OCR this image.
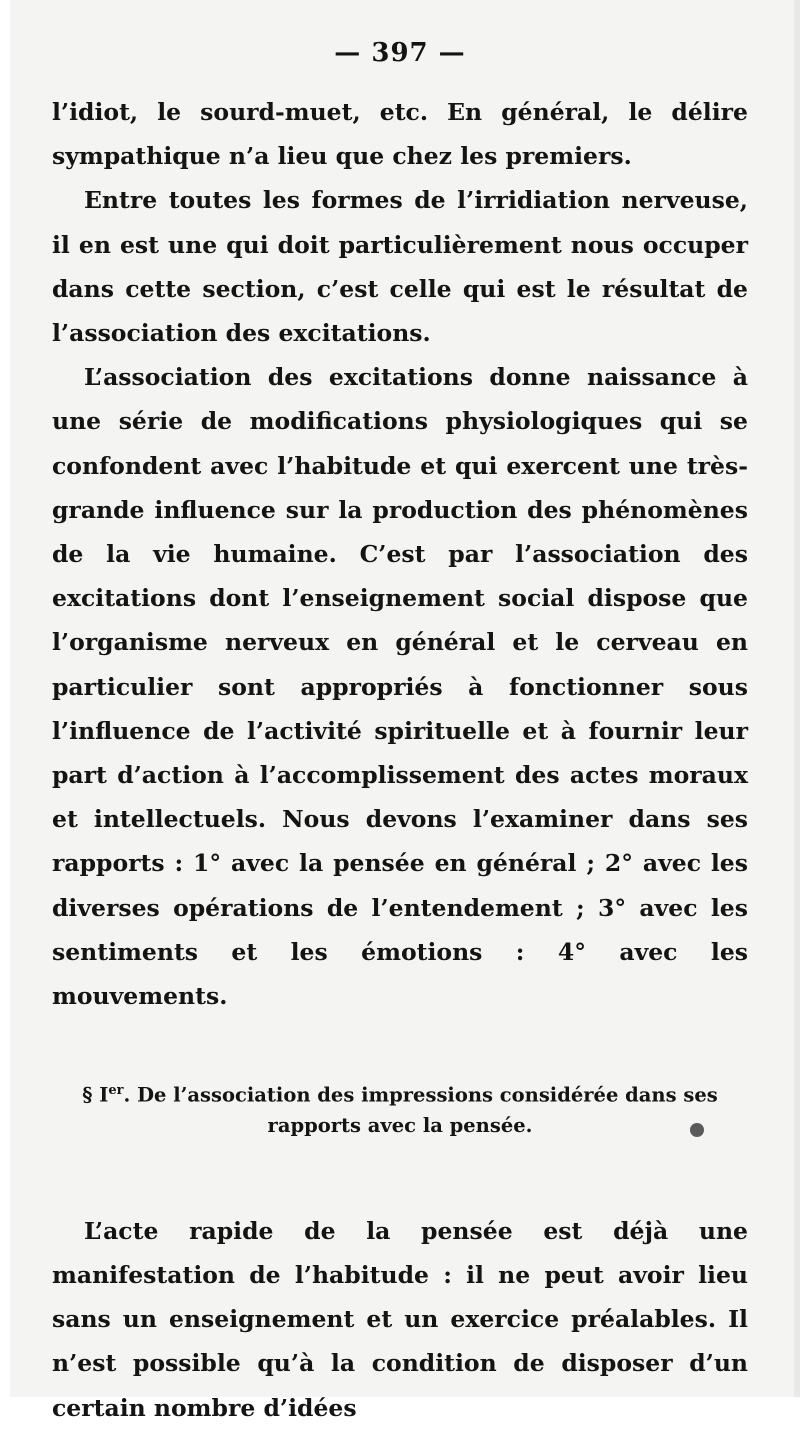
— 397 —

l’idiot, le sourd-muet, etc. En général, le délire sympathique n’a lieu que chez les premiers.

Entre toutes les formes de l’irridiation nerveuse, il en est une qui doit particulièrement nous occuper dans cette section, c’est celle qui est le résultat de l’association des excitations.

L’association des excitations donne naissance à une série de modifications physiologiques qui se confondent avec l’habitude et qui exercent une très-grande influence sur la production des phénomènes de la vie humaine. C’est par l’association des excitations dont l’enseignement social dispose que l’organisme nerveux en général et le cerveau en particulier sont appropriés à fonctionner sous l’influence de l’activité spirituelle et à fournir leur part d’action à l’accomplissement des actes moraux et intellectuels. Nous devons l’examiner dans ses rapports : 1° avec la pensée en général ; 2° avec les diverses opérations de l’entendement ; 3° avec les sentiments et les émotions : 4° avec les mouvements.

§ Ier. De l’association des impressions considérée dans ses rapports avec la pensée.

L’acte rapide de la pensée est déjà une manifestation de l’habitude : il ne peut avoir lieu sans un enseignement et un exercice préalables. Il n’est possible qu’à la condition de disposer d’un certain nombre d’idées
